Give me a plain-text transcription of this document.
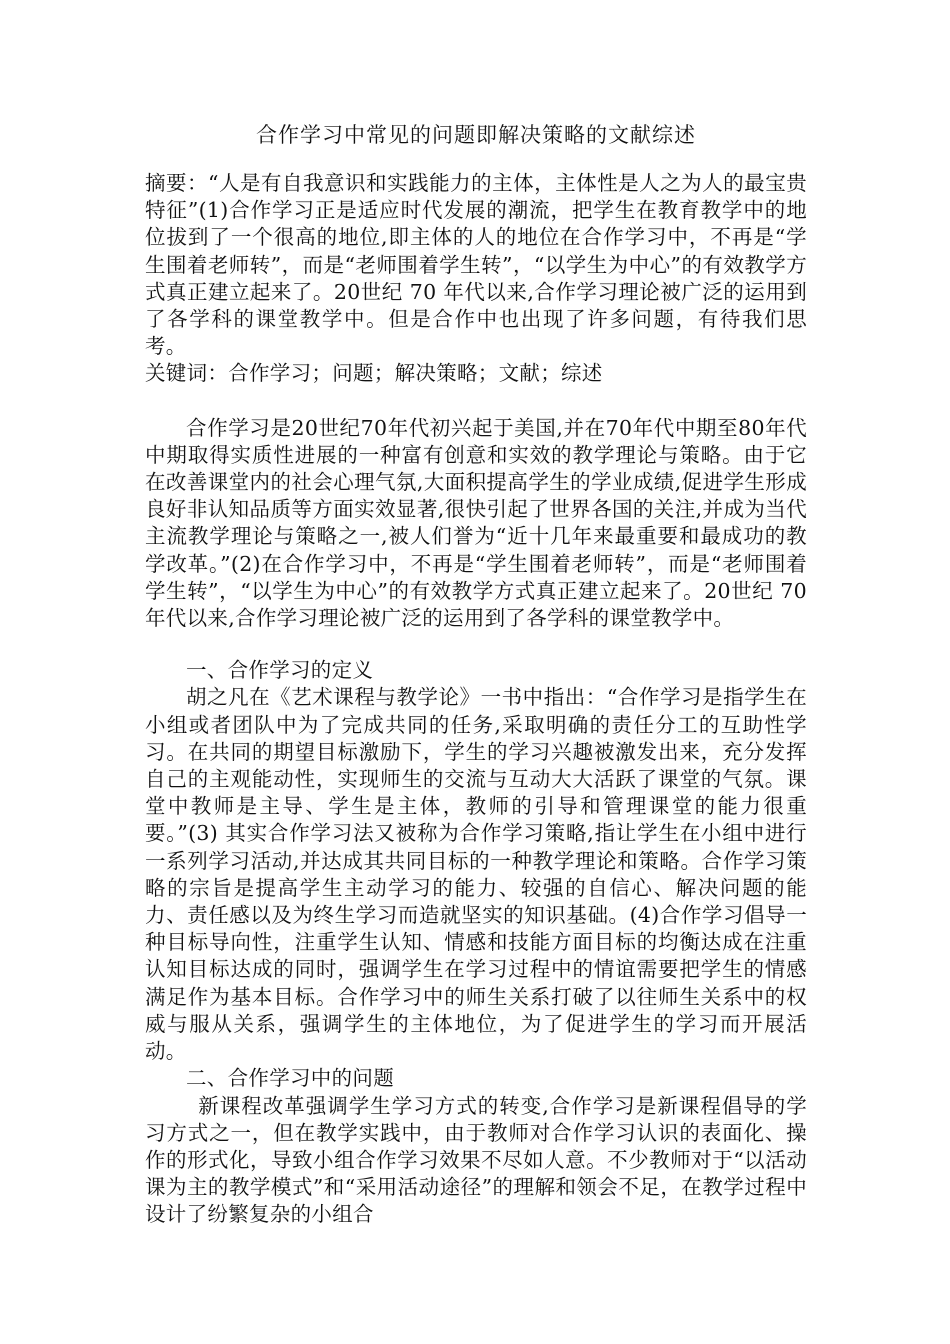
合作学习中常见的问题即解决策略的文献综述

摘要：“人是有自我意识和实践能力的主体，主体性是人之为人的最宝贵特征”(1)合作学习正是适应时代发展的潮流，把学生在教育教学中的地位拔到了一个很高的地位,即主体的人的地位在合作学习中，不再是“学生围着老师转”，而是“老师围着学生转”，“以学生为中心”的有效教学方式真正建立起来了。20世纪 70 年代以来,合作学习理论被广泛的运用到了各学科的课堂教学中。但是合作中也出现了许多问题，有待我们思考。

关键词：合作学习；问题；解决策略；文献；综述

合作学习是20世纪70年代初兴起于美国,并在70年代中期至80年代中期取得实质性进展的一种富有创意和实效的教学理论与策略。由于它在改善课堂内的社会心理气氛,大面积提高学生的学业成绩,促进学生形成良好非认知品质等方面实效显著,很快引起了世界各国的关注,并成为当代主流教学理论与策略之一,被人们誉为“近十几年来最重要和最成功的教学改革。”(2)在合作学习中，不再是“学生围着老师转”，而是“老师围着学生转”，“以学生为中心”的有效教学方式真正建立起来了。20世纪 70 年代以来,合作学习理论被广泛的运用到了各学科的课堂教学中。

一、合作学习的定义

胡之凡在《艺术课程与教学论》一书中指出：“合作学习是指学生在小组或者团队中为了完成共同的任务,采取明确的责任分工的互助性学习。在共同的期望目标激励下，学生的学习兴趣被激发出来，充分发挥自己的主观能动性，实现师生的交流与互动大大活跃了课堂的气氛。课堂中教师是主导、学生是主体，教师的引导和管理课堂的能力很重要。”(3) 其实合作学习法又被称为合作学习策略,指让学生在小组中进行一系列学习活动,并达成其共同目标的一种教学理论和策略。合作学习策略的宗旨是提高学生主动学习的能力、较强的自信心、解决问题的能力、责任感以及为终生学习而造就坚实的知识基础。(4)合作学习倡导一种目标导向性，注重学生认知、情感和技能方面目标的均衡达成在注重认知目标达成的同时，强调学生在学习过程中的情谊需要把学生的情感满足作为基本目标。合作学习中的师生关系打破了以往师生关系中的权威与服从关系，强调学生的主体地位，为了促进学生的学习而开展活动。

二、合作学习中的问题

新课程改革强调学生学习方式的转变,合作学习是新课程倡导的学习方式之一，但在教学实践中，由于教师对合作学习认识的表面化、操作的形式化，导致小组合作学习效果不尽如人意。不少教师对于“以活动课为主的教学模式”和“采用活动途径”的理解和领会不足，在教学过程中设计了纷繁复杂的小组合
